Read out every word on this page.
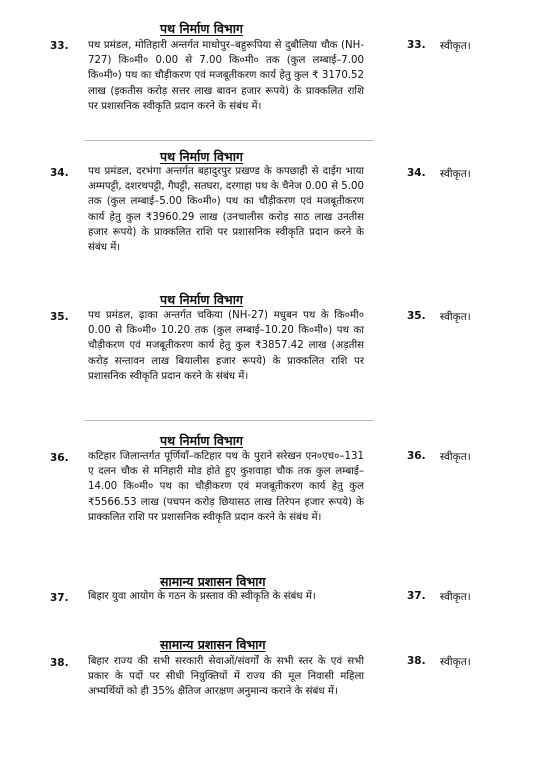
पथ निर्माण विभाग
33. पथ प्रमंडल, मोतिहारी अन्तर्गत माधोपुर–बहुरूपिया से दुबौलिया चौक (NH-727) कि०मी० 0.00 से 7.00 कि०मी० तक (कुल लम्बाई–7.00 कि०मी०) पथ का चौड़ीकरण एवं मजबूतीकरण कार्य हेतु कुल ₹ 3170.52 लाख (इकतीस करोड़ सत्तर लाख बावन हजार रूपये) के प्राक्कलित राशि पर प्रशासनिक स्वीकृति प्रदान करने के संबंध में।
33. स्वीकृत।
पथ निर्माण विभाग
34. पथ प्रमंडल, दरभंगा अन्तर्गत बहादुरपुर प्रखण्ड के कपछाही से दाईग भाया अम्मपट्टी, दशरथपट्टी, गैघट्टी, सतघरा, दरगाहा पथ के चैनेज 0.00 से 5.00 तक (कुल लम्बाई–5.00 कि०मी०) पथ का चौड़ीकरण एवं मजबूतीकरण कार्य हेतु कुल ₹3960.29 लाख (उनचालीस करोड़ साठ लाख उनतीस हजार रूपये) के प्राक्कलित राशि पर प्रशासनिक स्वीकृति प्रदान करने के संबंध में।
34. स्वीकृत।
पथ निर्माण विभाग
35. पथ प्रमंडल, ढ़ाका अन्तर्गत चकिया (NH-27) मधुबन पथ के कि०मी० 0.00 से कि०मी० 10.20 तक (कुल लम्बाई–10.20 कि०मी०) पथ का चौड़ीकरण एवं मजबूतीकरण कार्य हेतु कुल ₹3857.42 लाख (अड़तीस करोड़ सन्तावन लाख बियालीस हजार रूपये) के प्राक्कलित राशि पर प्रशासनिक स्वीकृति प्रदान करने के संबंध में।
35. स्वीकृत।
पथ निर्माण विभाग
36. कटिहार जिलान्तर्गत पूर्णियाँ–कटिहार पथ के पुराने सरेखन एन०एच०–131 ए दलन चौक से मनिहारी मोड होते हुए कुशवाहा चौक तक कुल लम्बाई–14.00 कि०मी० पथ का चौड़ीकरण एवं मजबूतीकरण कार्य हेतु कुल ₹5566.53 लाख (पचपन करोड़ छियासठ लाख तिरेपन हजार रूपये) के प्राक्कलित राशि पर प्रशासनिक स्वीकृति प्रदान करने के संबंध में।
36. स्वीकृत।
सामान्य प्रशासन विभाग
37. बिहार युवा आयोग के गठन के प्रस्ताव की स्वीकृति के संबंध में।	37. स्वीकृत।
सामान्य प्रशासन विभाग
38. बिहार राज्य की सभी सरकारी सेवाओं/संवर्गों के सभी स्तर के एवं सभी प्रकार के पदों पर सीधी नियुक्तियों में राज्य की मूल निवासी महिला अभ्यर्थियों को ही 35% क्षैतिज आरक्षण अनुमान्य कराने के संबंध में।
38. स्वीकृत।
